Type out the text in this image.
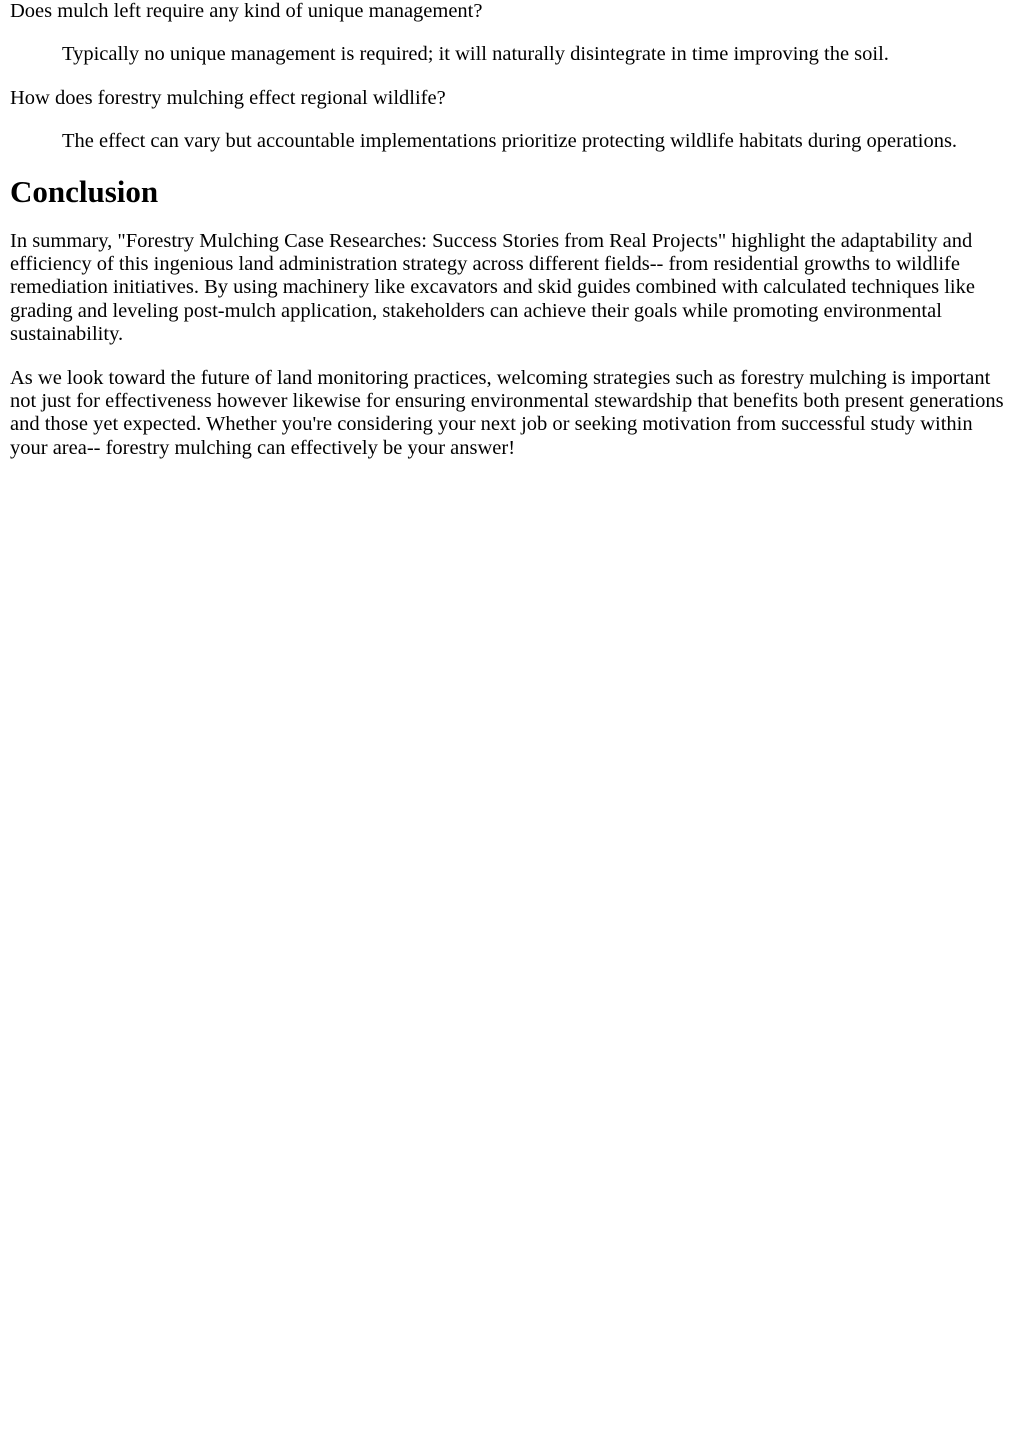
Does mulch left require any kind of unique management?

Typically no unique management is required; it will naturally disintegrate in time improving the soil.

How does forestry mulching effect regional wildlife?

The effect can vary but accountable implementations prioritize protecting wildlife habitats during operations.

Conclusion

In summary, "Forestry Mulching Case Researches: Success Stories from Real Projects" highlight the adaptability and efficiency of this ingenious land administration strategy across different fields-- from residential growths to wildlife remediation initiatives. By using machinery like excavators and skid guides combined with calculated techniques like grading and leveling post-mulch application, stakeholders can achieve their goals while promoting environmental sustainability.

As we look toward the future of land monitoring practices, welcoming strategies such as forestry mulching is important not just for effectiveness however likewise for ensuring environmental stewardship that benefits both present generations and those yet expected. Whether you're considering your next job or seeking motivation from successful study within your area-- forestry mulching can effectively be your answer!
